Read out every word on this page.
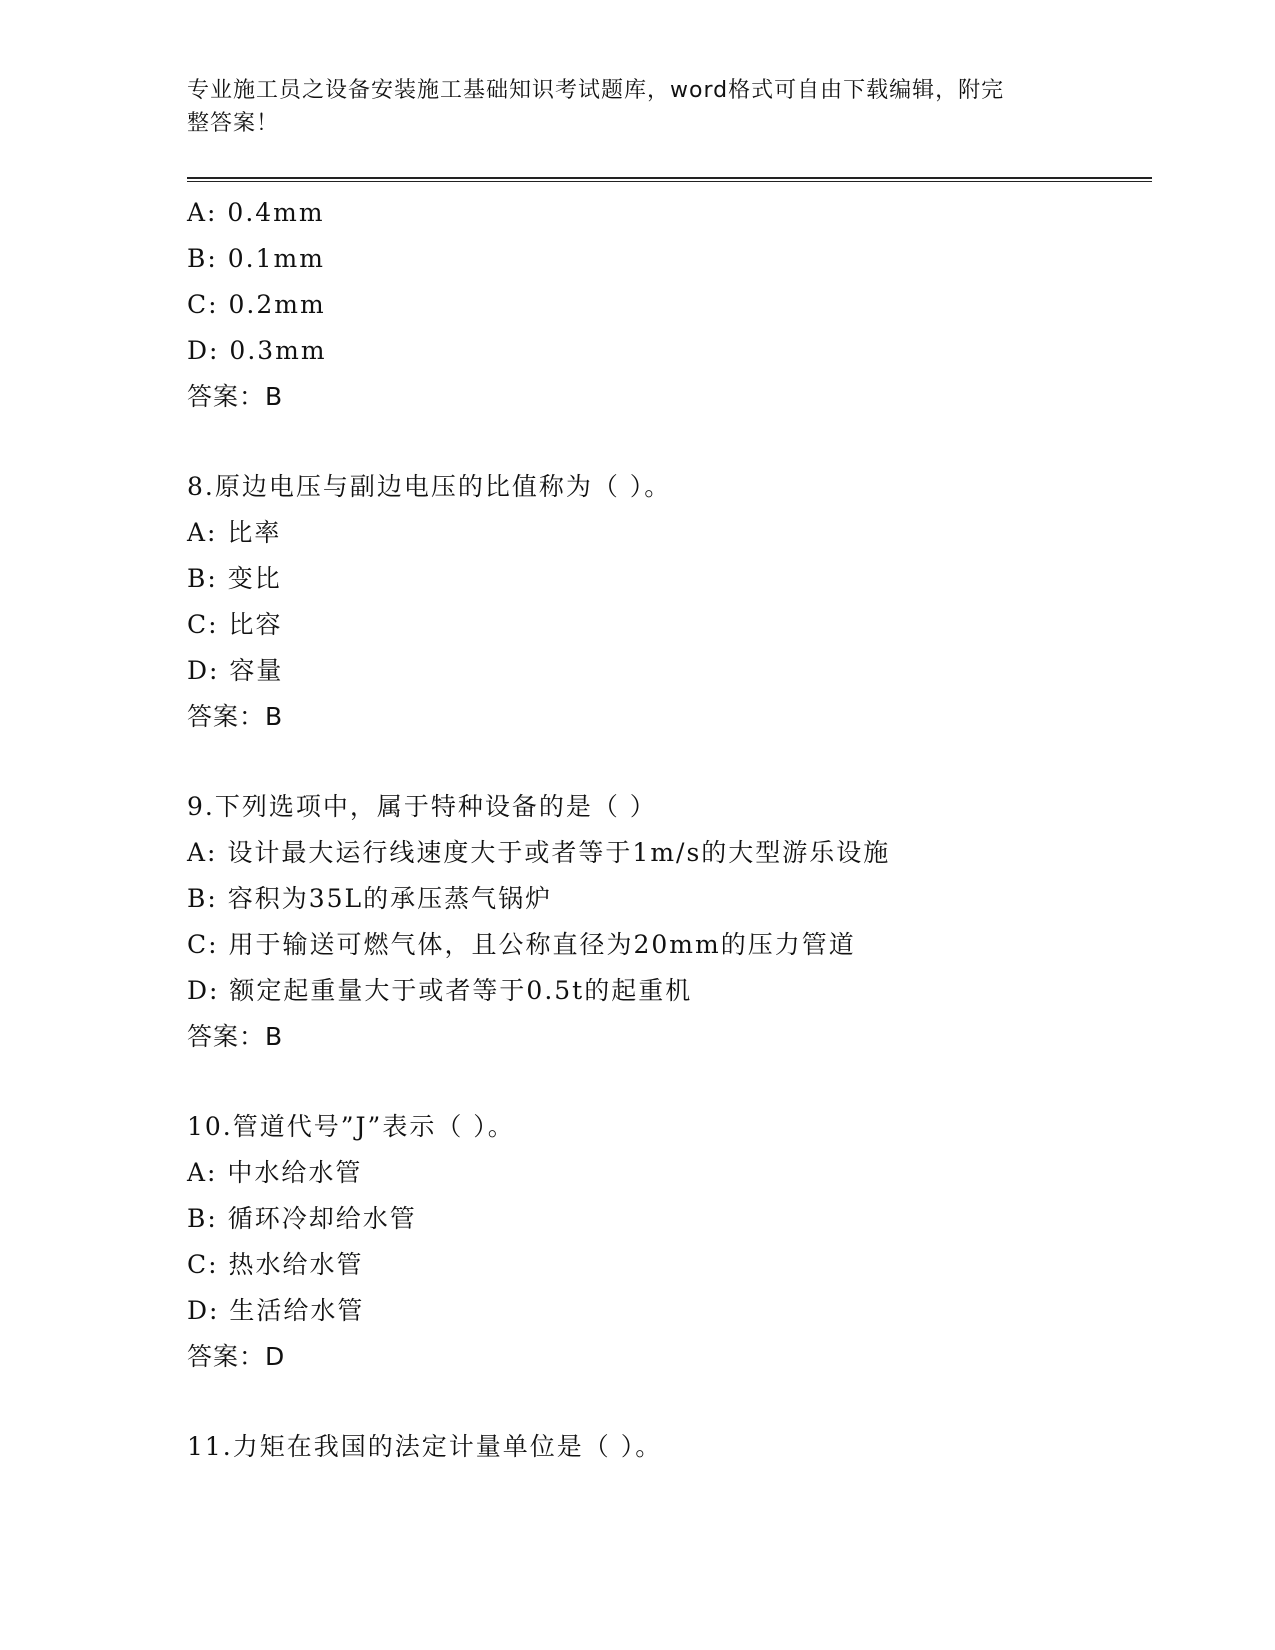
专业施工员之设备安装施工基础知识考试题库，word格式可自由下载编辑，附完
整答案！
A: 0.4mm
B: 0.1mm
C: 0.2mm
D: 0.3mm
答案：B
8.原边电压与副边电压的比值称为（ ）。
A: 比率
B: 变比
C: 比容
D: 容量
答案：B
9.下列选项中，属于特种设备的是（ ）
A: 设计最大运行线速度大于或者等于1m/s的大型游乐设施
B: 容积为35L的承压蒸气锅炉
C: 用于输送可燃气体，且公称直径为20mm的压力管道
D: 额定起重量大于或者等于0.5t的起重机
答案：B
10.管道代号”J”表示（ ）。
A: 中水给水管
B: 循环冷却给水管
C: 热水给水管
D: 生活给水管
答案：D
11.力矩在我国的法定计量单位是（ ）。
